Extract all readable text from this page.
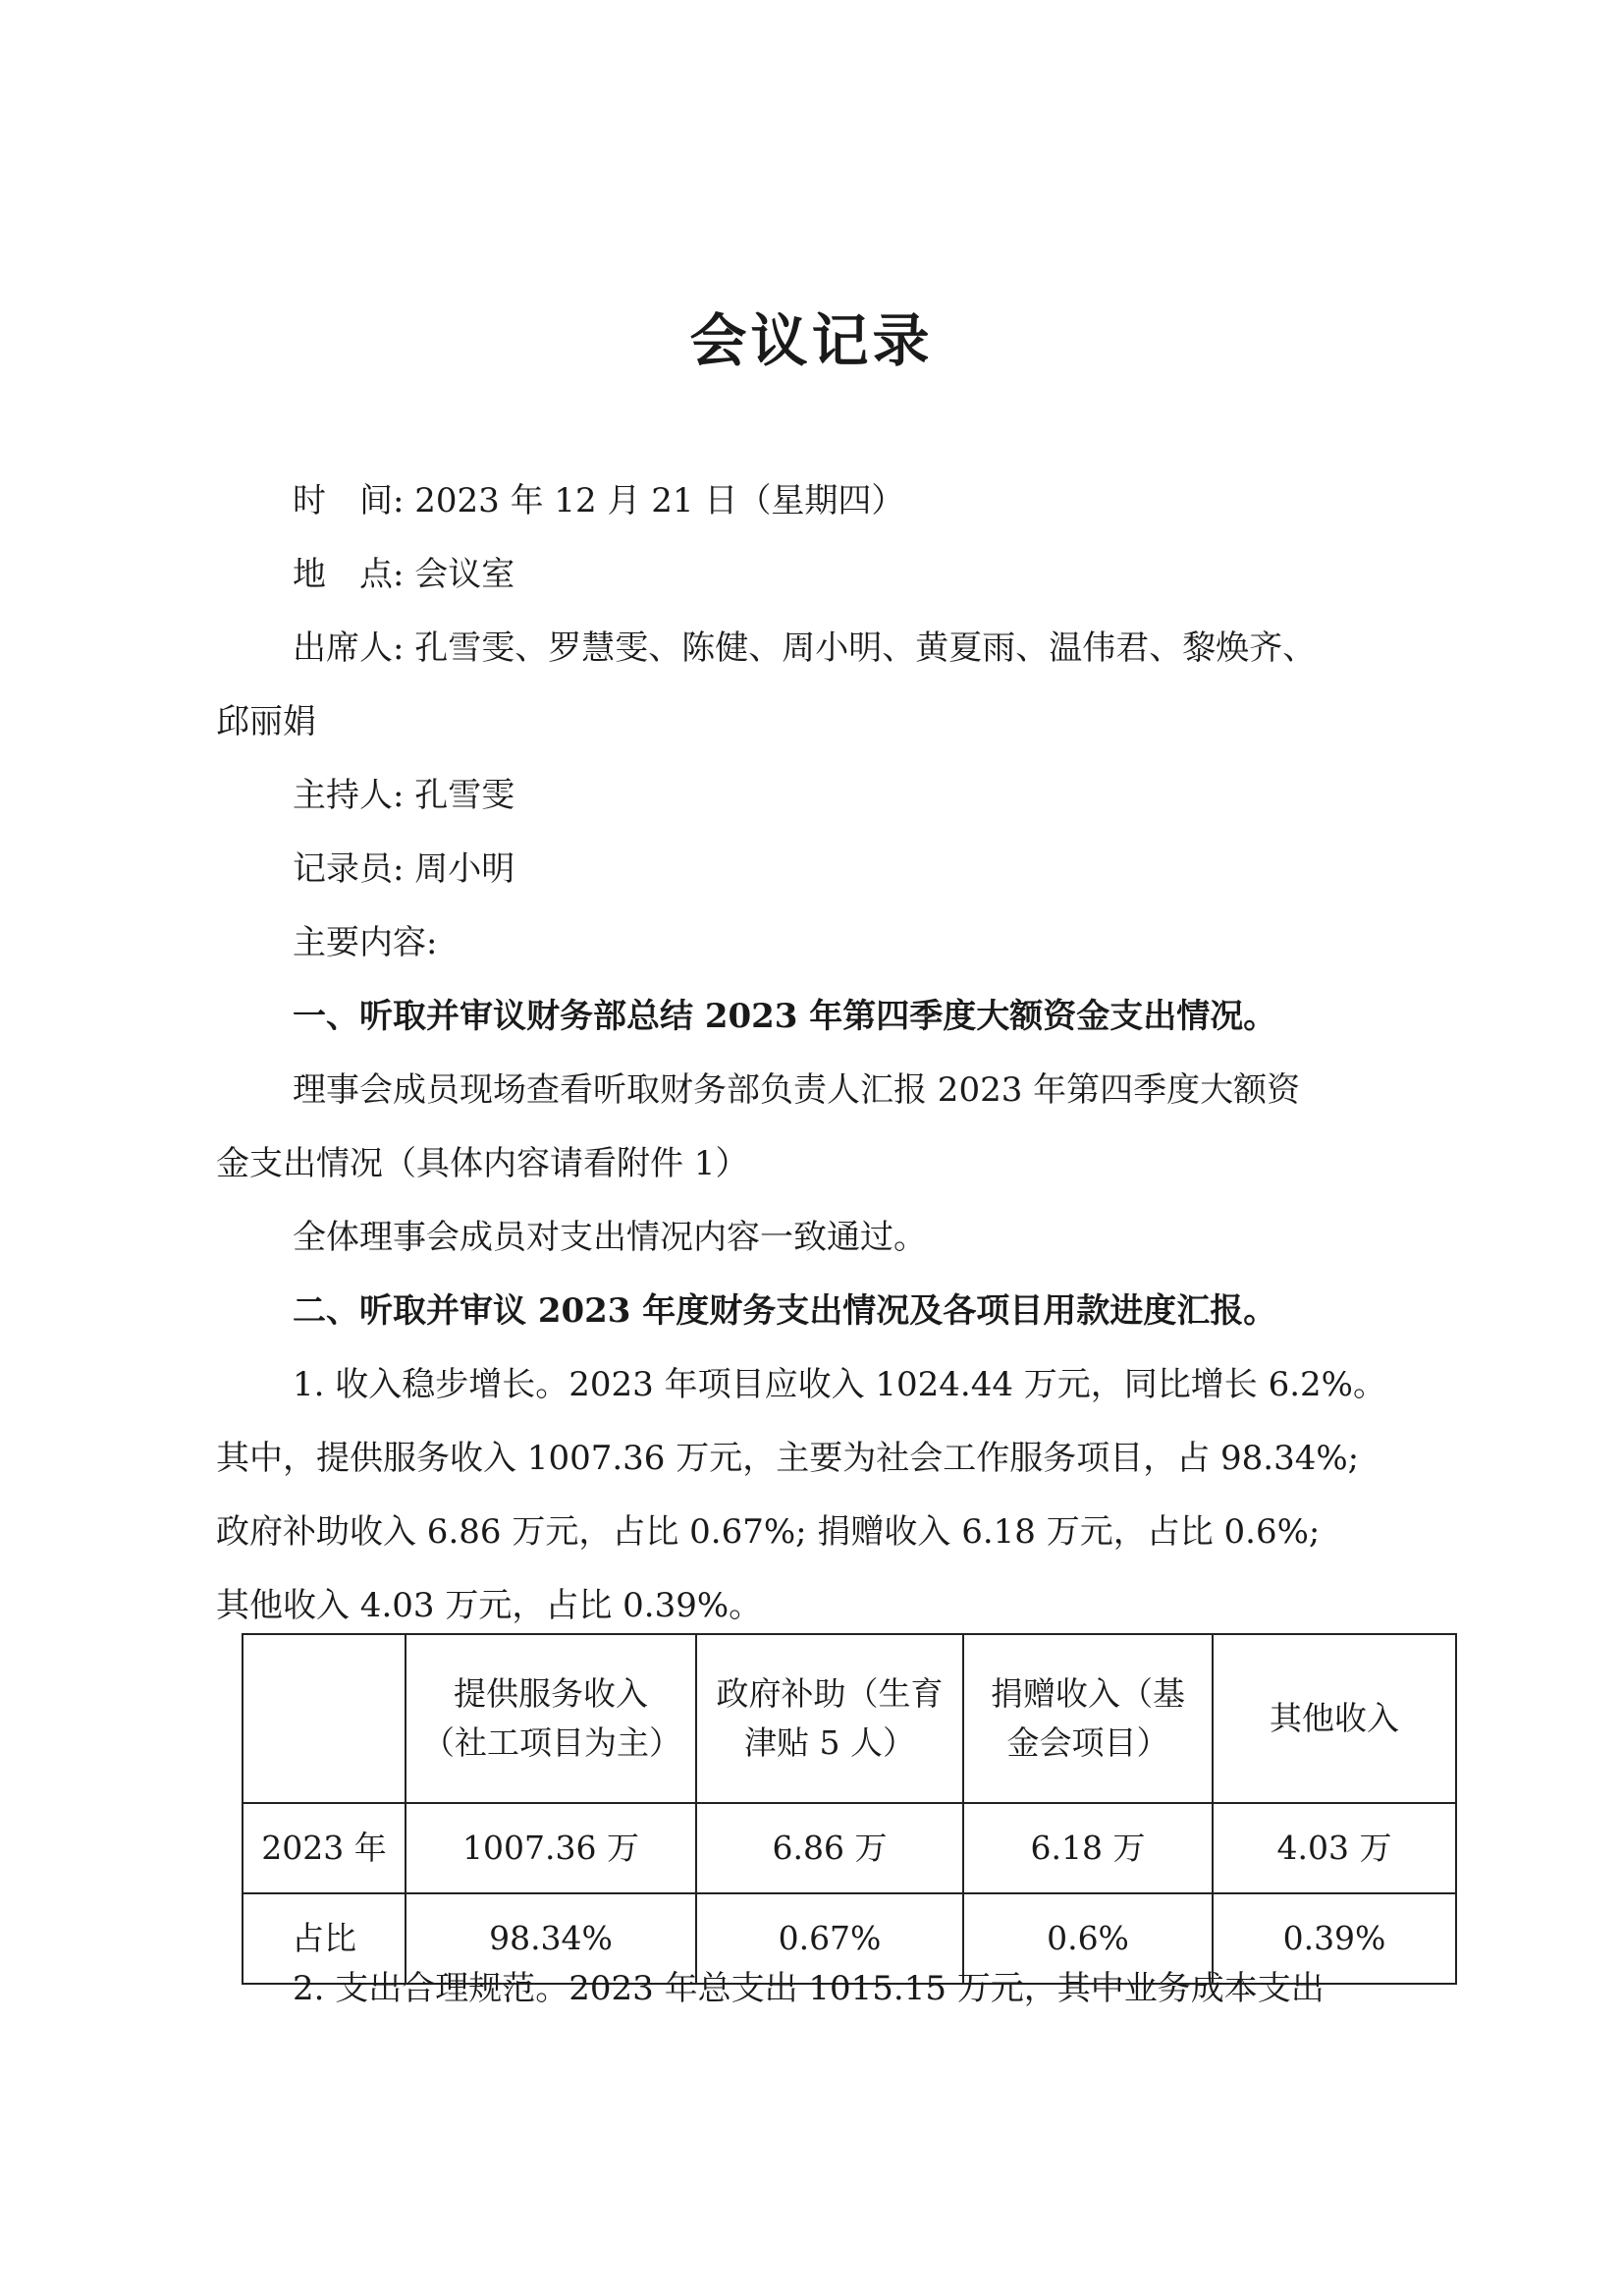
会议记录
时　间: 2023 年 12 月 21 日（星期四）
地　点: 会议室
出席人: 孔雪雯、罗慧雯、陈健、周小明、黄夏雨、温伟君、黎焕齐、
邱丽娟
主持人: 孔雪雯
记录员: 周小明
主要内容:
一、听取并审议财务部总结 2023 年第四季度大额资金支出情况。
理事会成员现场查看听取财务部负责人汇报 2023 年第四季度大额资
金支出情况（具体内容请看附件 1）
全体理事会成员对支出情况内容一致通过。
二、听取并审议 2023 年度财务支出情况及各项目用款进度汇报。
1. 收入稳步增长。2023 年项目应收入 1024.44 万元，同比增长 6.2%。
其中，提供服务收入 1007.36 万元，主要为社会工作服务项目，占 98.34%;
政府补助收入 6.86 万元，占比 0.67%; 捐赠收入 6.18 万元，占比 0.6%;
其他收入 4.03 万元，占比 0.39%。
	提供服务收入（社工项目为主）	政府补助（生育津贴 5 人）	捐赠收入（基金会项目）	其他收入
2023 年	1007.36 万	6.86 万	6.18 万	4.03 万
占比	98.34%	0.67%	0.6%	0.39%
2. 支出合理规范。2023 年总支出 1015.15 万元，其中业务成本支出
